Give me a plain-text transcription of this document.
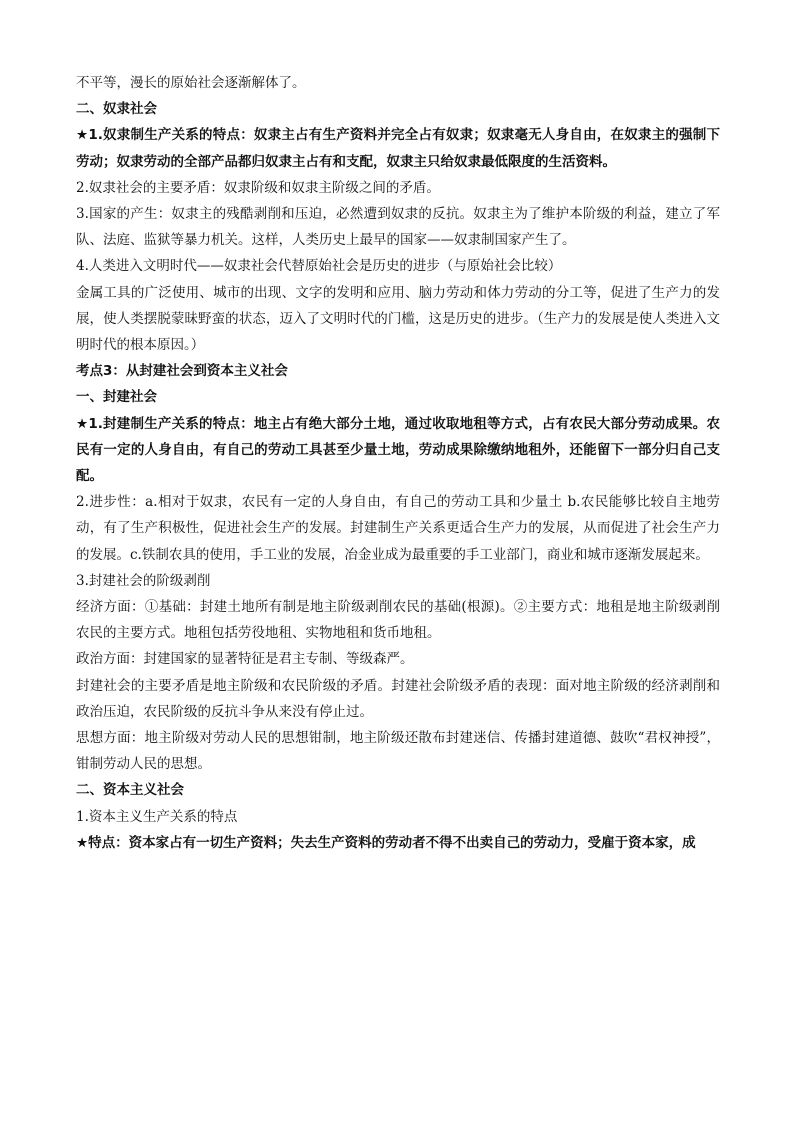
不平等，漫长的原始社会逐渐解体了。

二、奴隶社会

★1.奴隶制生产关系的特点：奴隶主占有生产资料并完全占有奴隶；奴隶毫无人身自由，在奴隶主的强制下劳动；奴隶劳动的全部产品都归奴隶主占有和支配，奴隶主只给奴隶最低限度的生活资料。

2.奴隶社会的主要矛盾：奴隶阶级和奴隶主阶级之间的矛盾。

3.国家的产生：奴隶主的残酷剥削和压迫，必然遭到奴隶的反抗。奴隶主为了维护本阶级的利益，建立了军队、法庭、监狱等暴力机关。这样，人类历史上最早的国家——奴隶制国家产生了。

4.人类进入文明时代——奴隶社会代替原始社会是历史的进步（与原始社会比较）

金属工具的广泛使用、城市的出现、文字的发明和应用、脑力劳动和体力劳动的分工等，促进了生产力的发展，使人类摆脱蒙昧野蛮的状态，迈入了文明时代的门槛，这是历史的进步。（生产力的发展是使人类进入文明时代的根本原因。）

考点3：从封建社会到资本主义社会

一、封建社会

★1.封建制生产关系的特点：地主占有绝大部分土地，通过收取地租等方式，占有农民大部分劳动成果。农民有一定的人身自由，有自己的劳动工具甚至少量土地，劳动成果除缴纳地租外，还能留下一部分归自己支配。

2.进步性：a.相对于奴隶，农民有一定的人身自由，有自己的劳动工具和少量土 b.农民能够比较自主地劳动，有了生产积极性，促进社会生产的发展。封建制生产关系更适合生产力的发展，从而促进了社会生产力的发展。c.铁制农具的使用，手工业的发展，冶金业成为最重要的手工业部门，商业和城市逐渐发展起来。

3.封建社会的阶级剥削

经济方面：①基础：封建土地所有制是地主阶级剥削农民的基础(根源)。②主要方式：地租是地主阶级剥削农民的主要方式。地租包括劳役地租、实物地租和货币地租。

政治方面：封建国家的显著特征是君主专制、等级森严。

封建社会的主要矛盾是地主阶级和农民阶级的矛盾。封建社会阶级矛盾的表现：面对地主阶级的经济剥削和政治压迫，农民阶级的反抗斗争从来没有停止过。

思想方面：地主阶级对劳动人民的思想钳制，地主阶级还散布封建迷信、传播封建道德、鼓吹“君权神授”，钳制劳动人民的思想。

二、资本主义社会

1.资本主义生产关系的特点

★特点：资本家占有一切生产资料；失去生产资料的劳动者不得不出卖自己的劳动力，受雇于资本家，成
